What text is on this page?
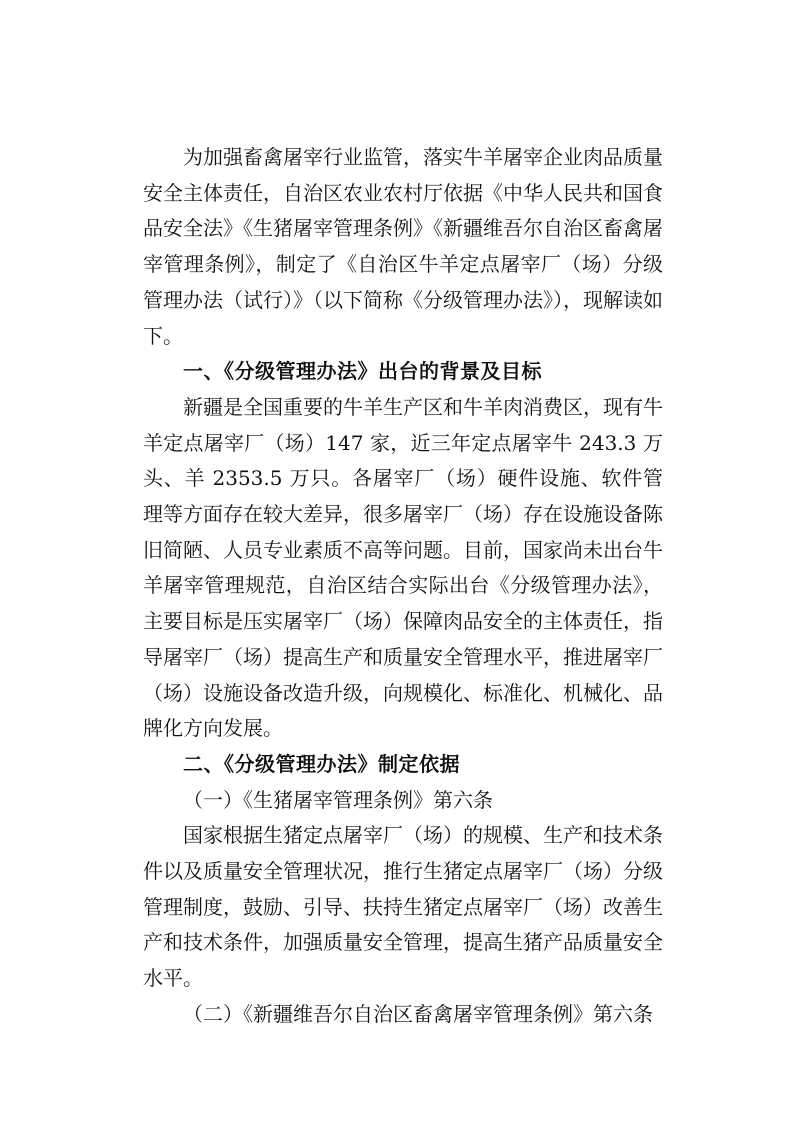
为加强畜禽屠宰行业监管，落实牛羊屠宰企业肉品质量安全主体责任，自治区农业农村厅依据《中华人民共和国食品安全法》《生猪屠宰管理条例》《新疆维吾尔自治区畜禽屠宰管理条例》，制定了《自治区牛羊定点屠宰厂（场）分级管理办法（试行）》（以下简称《分级管理办法》），现解读如下。

一、《分级管理办法》出台的背景及目标

新疆是全国重要的牛羊生产区和牛羊肉消费区，现有牛羊定点屠宰厂（场）147 家，近三年定点屠宰牛 243.3 万头、羊 2353.5 万只。各屠宰厂（场）硬件设施、软件管理等方面存在较大差异，很多屠宰厂（场）存在设施设备陈旧简陋、人员专业素质不高等问题。目前，国家尚未出台牛羊屠宰管理规范，自治区结合实际出台《分级管理办法》，主要目标是压实屠宰厂（场）保障肉品安全的主体责任，指导屠宰厂（场）提高生产和质量安全管理水平，推进屠宰厂（场）设施设备改造升级，向规模化、标准化、机械化、品牌化方向发展。

二、《分级管理办法》制定依据

（一）《生猪屠宰管理条例》第六条

国家根据生猪定点屠宰厂（场）的规模、生产和技术条件以及质量安全管理状况，推行生猪定点屠宰厂（场）分级管理制度，鼓励、引导、扶持生猪定点屠宰厂（场）改善生产和技术条件，加强质量安全管理，提高生猪产品质量安全水平。

（二）《新疆维吾尔自治区畜禽屠宰管理条例》第六条
